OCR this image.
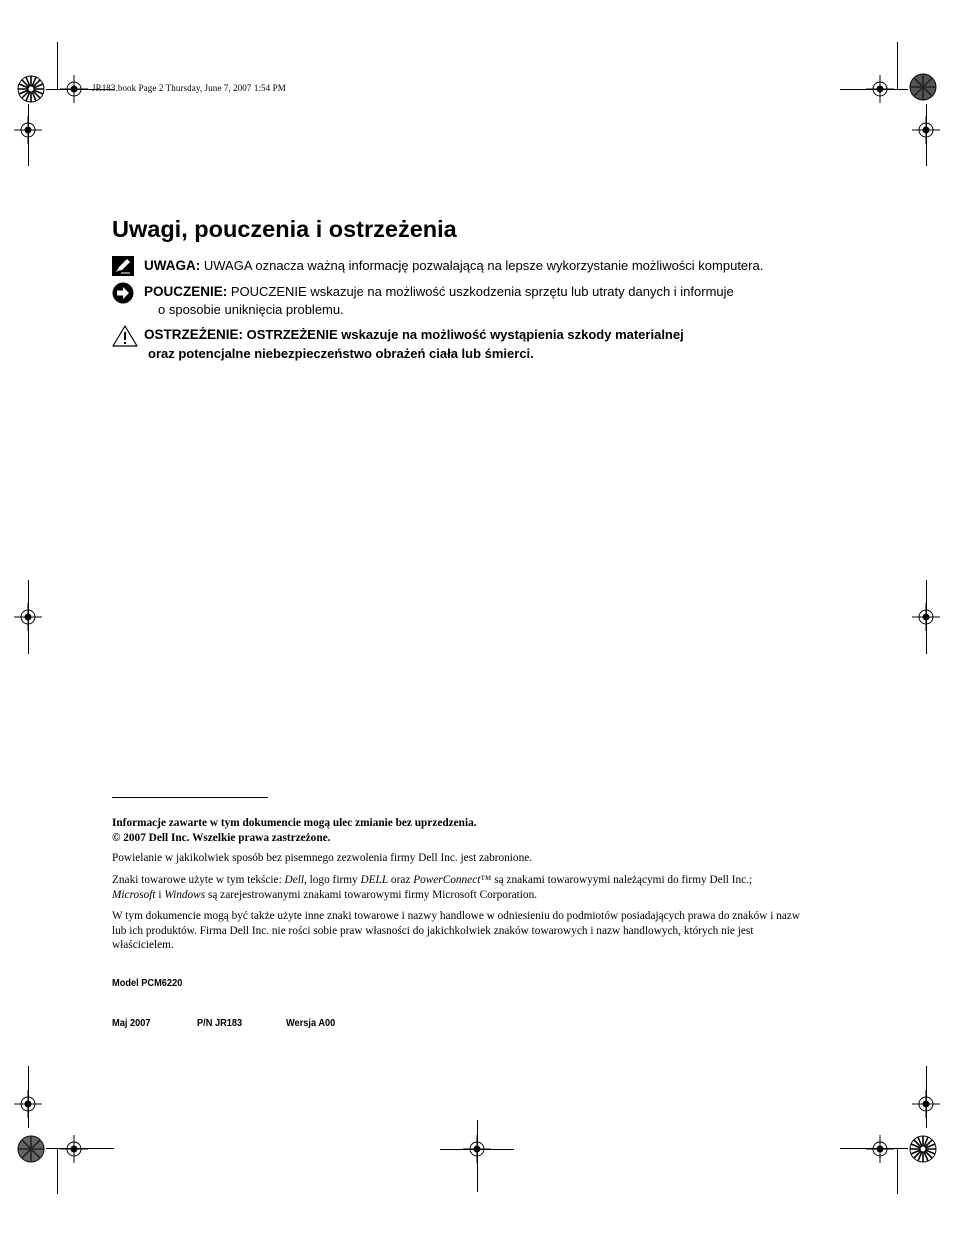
JR183.book Page 2 Thursday, June 7, 2007 1:54 PM
Uwagi, pouczenia i ostrzeżenia
UWAGA: UWAGA oznacza ważną informację pozwalającą na lepsze wykorzystanie możliwości komputera.
POUCZENIE: POUCZENIE wskazuje na możliwość uszkodzenia sprzętu lub utraty danych i informuje
o sposobie uniknięcia problemu.
OSTRZEŻENIE: OSTRZEŻENIE wskazuje na możliwość wystąpienia szkody materialnej
oraz potencjalne niebezpieczeństwo obrażeń ciała lub śmierci.

Informacje zawarte w tym dokumencie mogą ulec zmianie bez uprzedzenia.

© 2007 Dell Inc. Wszelkie prawa zastrzeżone.

Powielanie w jakikolwiek sposób bez pisemnego zezwolenia firmy Dell Inc. jest zabronione.

Znaki towarowe użyte w tym tekście: Dell, logo firmy DELL oraz PowerConnect™ są znakami towarowyymi należącymi do firmy Dell Inc.;
Microsoft i Windows są zarejestrowanymi znakami towarowymi firmy Microsoft Corporation.

W tym dokumencie mogą być także użyte inne znaki towarowe i nazwy handlowe w odniesieniu do podmiotów posiadających prawa do znaków i nazw lub ich produktów. Firma Dell Inc. nie rości sobie praw własności do jakichkolwiek znaków towarowych i nazw handlowych, których nie jest właścicielem.

Model PCM6220
Maj 2007	P/N JR183	Wersja A00
